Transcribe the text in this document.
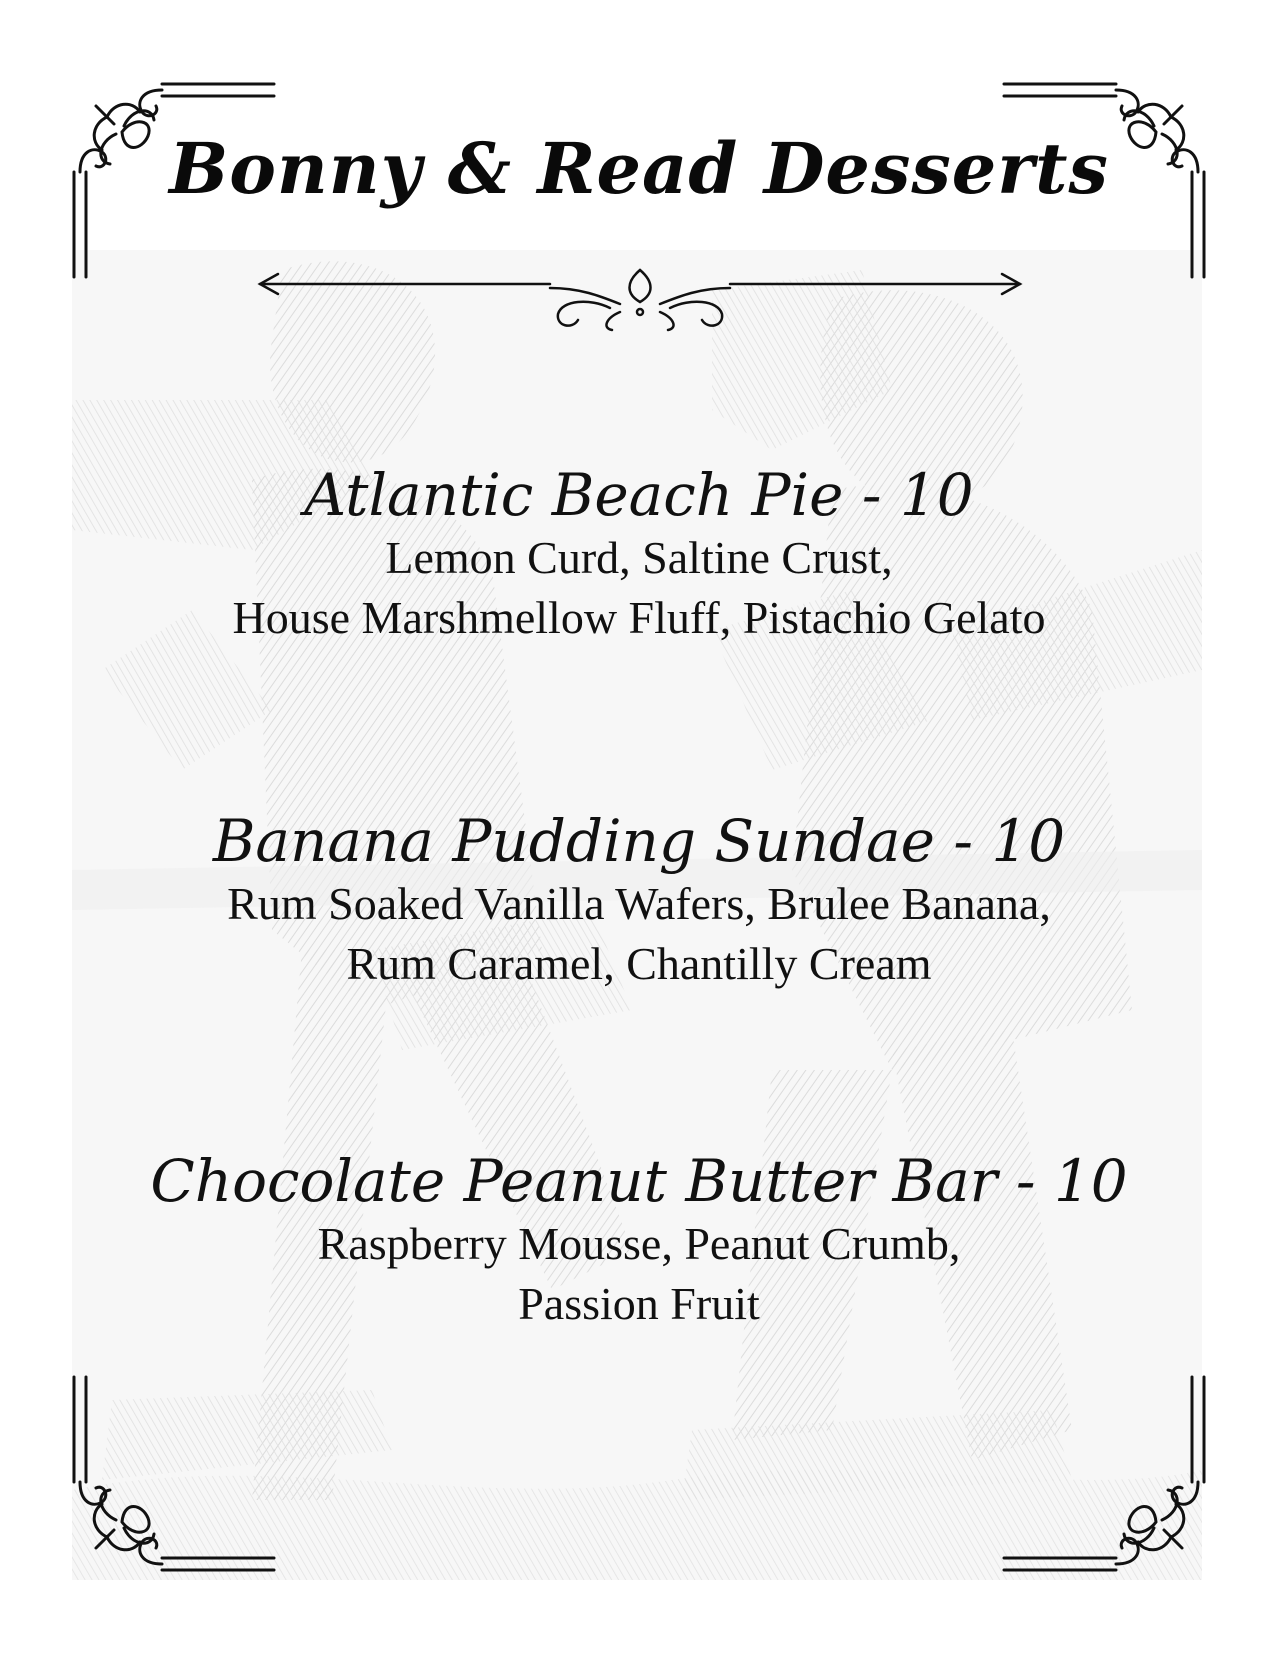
Bonny & Read Desserts
Atlantic Beach Pie - 10
Lemon Curd, Saltine Crust,
House Marshmellow Fluff, Pistachio Gelato
Banana Pudding Sundae - 10
Rum Soaked Vanilla Wafers, Brulee Banana,
Rum Caramel, Chantilly Cream
Chocolate Peanut Butter Bar - 10
Raspberry Mousse, Peanut Crumb,
Passion Fruit
